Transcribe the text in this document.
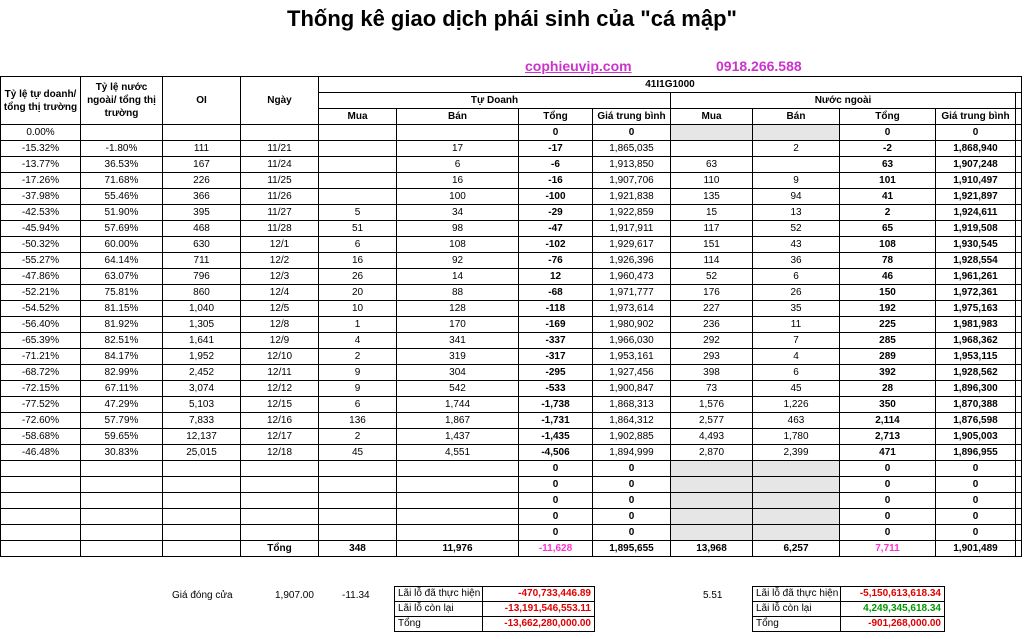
Thống kê giao dịch phái sinh của "cá mập"
cophieuvip.com	0918.266.588
Tỷ lệ tự doanh/ tổng thị trường	Tỷ lệ nước ngoài/ tổng thị trường	OI	Ngày	41I1G1000								
				Tự Doanh				Nước ngoài				
				Mua	Bán	Tổng	Giá trung bình	Mua	Bán	Tổng	Giá trung bình	
0.00%						0	0			0	0	
-15.32%	-1.80%	111	11/21		17	-17	1,865,035		2	-2	1,868,940	
-13.77%	36.53%	167	11/24		6	-6	1,913,850	63		63	1,907,248	
-17.26%	71.68%	226	11/25		16	-16	1,907,706	110	9	101	1,910,497	
-37.98%	55.46%	366	11/26		100	-100	1,921,838	135	94	41	1,921,897	
-42.53%	51.90%	395	11/27	5	34	-29	1,922,859	15	13	2	1,924,611	
-45.94%	57.69%	468	11/28	51	98	-47	1,917,911	117	52	65	1,919,508	
-50.32%	60.00%	630	12/1	6	108	-102	1,929,617	151	43	108	1,930,545	
-55.27%	64.14%	711	12/2	16	92	-76	1,926,396	114	36	78	1,928,554	
-47.86%	63.07%	796	12/3	26	14	12	1,960,473	52	6	46	1,961,261	
-52.21%	75.81%	860	12/4	20	88	-68	1,971,777	176	26	150	1,972,361	
-54.52%	81.15%	1,040	12/5	10	128	-118	1,973,614	227	35	192	1,975,163	
-56.40%	81.92%	1,305	12/8	1	170	-169	1,980,902	236	11	225	1,981,983	
-65.39%	82.51%	1,641	12/9	4	341	-337	1,966,030	292	7	285	1,968,362	
-71.21%	84.17%	1,952	12/10	2	319	-317	1,953,161	293	4	289	1,953,115	
-68.72%	82.99%	2,452	12/11	9	304	-295	1,927,456	398	6	392	1,928,562	
-72.15%	67.11%	3,074	12/12	9	542	-533	1,900,847	73	45	28	1,896,300	
-77.52%	47.29%	5,103	12/15	6	1,744	-1,738	1,868,313	1,576	1,226	350	1,870,388	
-72.60%	57.79%	7,833	12/16	136	1,867	-1,731	1,864,312	2,577	463	2,114	1,876,598	
-58.68%	59.65%	12,137	12/17	2	1,437	-1,435	1,902,885	4,493	1,780	2,713	1,905,003	
-46.48%	30.83%	25,015	12/18	45	4,551	-4,506	1,894,999	2,870	2,399	471	1,896,955	
						0	0			0	0	
						0	0			0	0	
						0	0			0	0	
						0	0			0	0	
						0	0			0	0	
			Tổng	348	11,976	-11,628	1,895,655	13,968	6,257	7,711	1,901,489	
Giá đóng cửa	1,907.00	-11.34	5.51
Lãi lỗ đã thực hiện	-470,733,446.89
Lãi lỗ còn lại	-13,191,546,553.11
Tổng	-13,662,280,000.00
Lãi lỗ đã thực hiện	-5,150,613,618.34
Lãi lỗ còn lại	4,249,345,618.34
Tổng	-901,268,000.00
